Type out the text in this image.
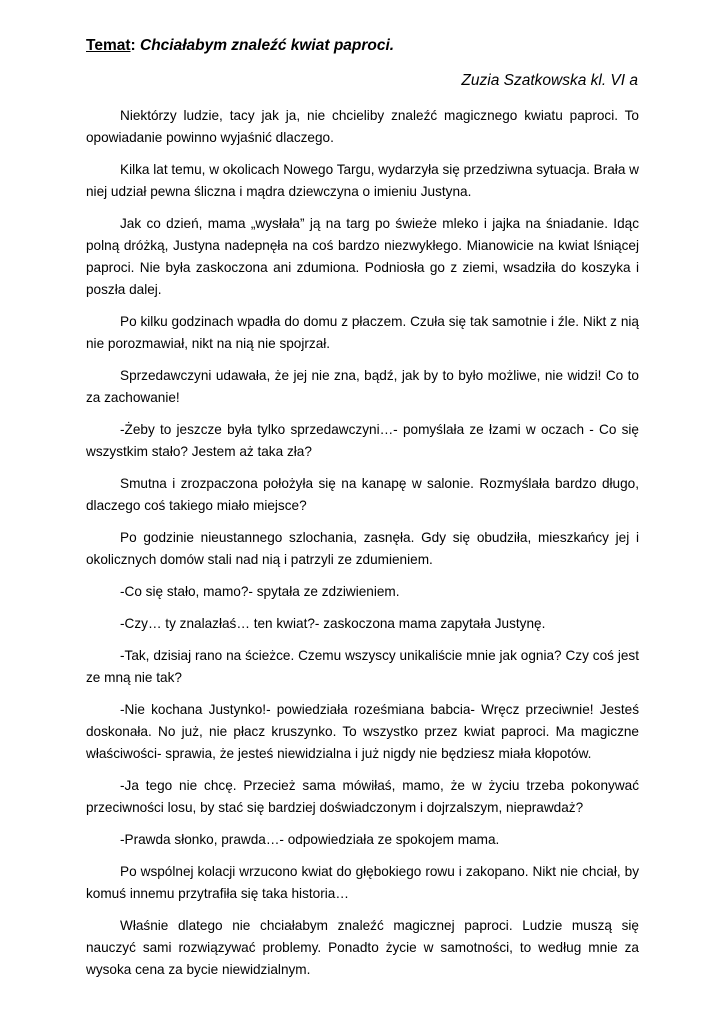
Temat: Chciałabym znaleźć kwiat paproci.
Zuzia Szatkowska kl. VI a

Niektórzy ludzie, tacy jak ja, nie chcieliby znaleźć magicznego kwiatu paproci. To opowiadanie powinno wyjaśnić dlaczego.

Kilka lat temu, w okolicach Nowego Targu, wydarzyła się przedziwna sytuacja. Brała w niej udział pewna śliczna i mądra dziewczyna o imieniu Justyna.

Jak co dzień, mama „wysłała” ją na targ po świeże mleko i jajka na śniadanie. Idąc polną dróżką, Justyna nadepnęła na coś bardzo niezwykłego. Mianowicie na kwiat lśniącej paproci. Nie była zaskoczona ani zdumiona. Podniosła go z ziemi, wsadziła do koszyka i poszła dalej.

Po kilku godzinach wpadła do domu z płaczem. Czuła się tak samotnie i źle. Nikt z nią nie porozmawiał, nikt na nią nie spojrzał.

Sprzedawczyni udawała, że jej nie zna, bądź, jak by to było możliwe, nie widzi! Co to za zachowanie!

-Żeby to jeszcze była tylko sprzedawczyni…- pomyślała ze łzami w oczach - Co się wszystkim stało? Jestem aż taka zła?

Smutna i zrozpaczona położyła się na kanapę w salonie. Rozmyślała bardzo długo, dlaczego coś takiego miało miejsce?

Po godzinie nieustannego szlochania, zasnęła. Gdy się obudziła, mieszkańcy jej i okolicznych domów stali nad nią i patrzyli ze zdumieniem.

-Co się stało, mamo?- spytała ze zdziwieniem.

-Czy… ty znalazłaś… ten kwiat?- zaskoczona mama zapytała Justynę.

-Tak, dzisiaj rano na ścieżce. Czemu wszyscy unikaliście mnie jak ognia? Czy coś jest ze mną nie tak?

-Nie kochana Justynko!- powiedziała roześmiana babcia- Wręcz przeciwnie! Jesteś doskonała. No już, nie płacz kruszynko. To wszystko przez kwiat paproci. Ma magiczne właściwości- sprawia, że jesteś niewidzialna i już nigdy nie będziesz miała kłopotów.

-Ja tego nie chcę. Przecież sama mówiłaś, mamo, że w życiu trzeba pokonywać przeciwności losu, by stać się bardziej doświadczonym i dojrzalszym, nieprawdaż?

-Prawda słonko, prawda…- odpowiedziała ze spokojem mama.

Po wspólnej kolacji wrzucono kwiat do głębokiego rowu i zakopano. Nikt nie chciał, by komuś innemu przytrafiła się taka historia…

Właśnie dlatego nie chciałabym znaleźć magicznej paproci. Ludzie muszą się nauczyć sami rozwiązywać problemy. Ponadto życie w samotności, to według mnie za wysoka cena za bycie niewidzialnym.
